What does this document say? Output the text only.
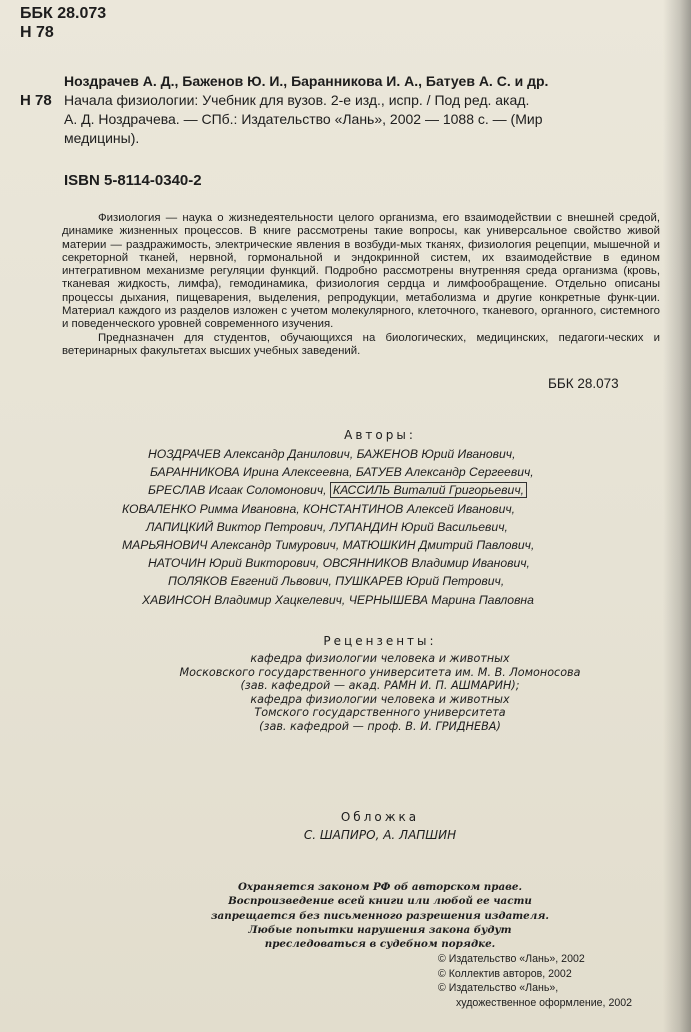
ББК 28.073
Н 78
Н 78
Ноздрачев А. Д., Баженов Ю. И., Баранникова И. А., Батуев А. С. и др.
Начала физиологии: Учебник для вузов. 2-е изд., испр. / Под ред. акад.
А. Д. Ноздрачева. — СПб.: Издательство «Лань», 2002 — 1088 с. — (Мир
медицины).
ISBN 5-8114-0340-2

Физиология — наука о жизнедеятельности целого организма, его взаимодействии с внешней средой, динамике жизненных процессов. В книге рассмотрены такие вопросы, как универсальное свойство живой материи — раздражимость, электрические явления в возбуди-мых тканях, физиология рецепции, мышечной и секреторной тканей, нервной, гормональной и эндокринной систем, их взаимодействие в едином интегративном механизме регуляции функций. Подробно рассмотрены внутренняя среда организма (кровь, тканевая жидкость, лимфа), гемодинамика, физиология сердца и лимфообращение. Отдельно описаны процессы дыхания, пищеварения, выделения, репродукции, метаболизма и другие конкретные функ-ции. Материал каждого из разделов изложен с учетом молекулярного, клеточного, тканевого, органного, системного и поведенческого уровней современного изучения.

Предназначен для студентов, обучающихся на биологических, медицинских, педагоги-ческих и ветеринарных факультетах высших учебных заведений.

ББК 28.073
Авторы:
НОЗДРАЧЕВ Александр Данилович, БАЖЕНОВ Юрий Иванович,
БАРАННИКОВА Ирина Алексеевна, БАТУЕВ Александр Сергеевич,
БРЕСЛАВ Исаак Соломонович, КАССИЛЬ Виталий Григорьевич,
КОВАЛЕНКО Римма Ивановна, КОНСТАНТИНОВ Алексей Иванович,
ЛАПИЦКИЙ Виктор Петрович, ЛУПАНДИН Юрий Васильевич,
МАРЬЯНОВИЧ Александр Тимурович, МАТЮШКИН Дмитрий Павлович,
НАТОЧИН Юрий Викторович, ОВСЯННИКОВ Владимир Иванович,
ПОЛЯКОВ Евгений Львович, ПУШКАРЕВ Юрий Петрович,
ХАВИНСОН Владимир Хацкелевич, ЧЕРНЫШЕВА Марина Павловна
Рецензенты:
кафедра физиологии человека и животных
Московского государственного университета им. М. В. Ломоносова
(зав. кафедрой — акад. РАМН И. П. АШМАРИН);
кафедра физиологии человека и животных
Томского государственного университета
(зав. кафедрой — проф. В. И. ГРИДНЕВА)
Обложка
С. ШАПИРО, А. ЛАПШИН
Охраняется законом РФ об авторском праве.
Воспроизведение всей книги или любой ее части
запрещается без письменного разрешения издателя.
Любые попытки нарушения закона будут
преследоваться в судебном порядке.
© Издательство «Лань», 2002
© Коллектив авторов, 2002
© Издательство «Лань»,
художественное оформление, 2002
